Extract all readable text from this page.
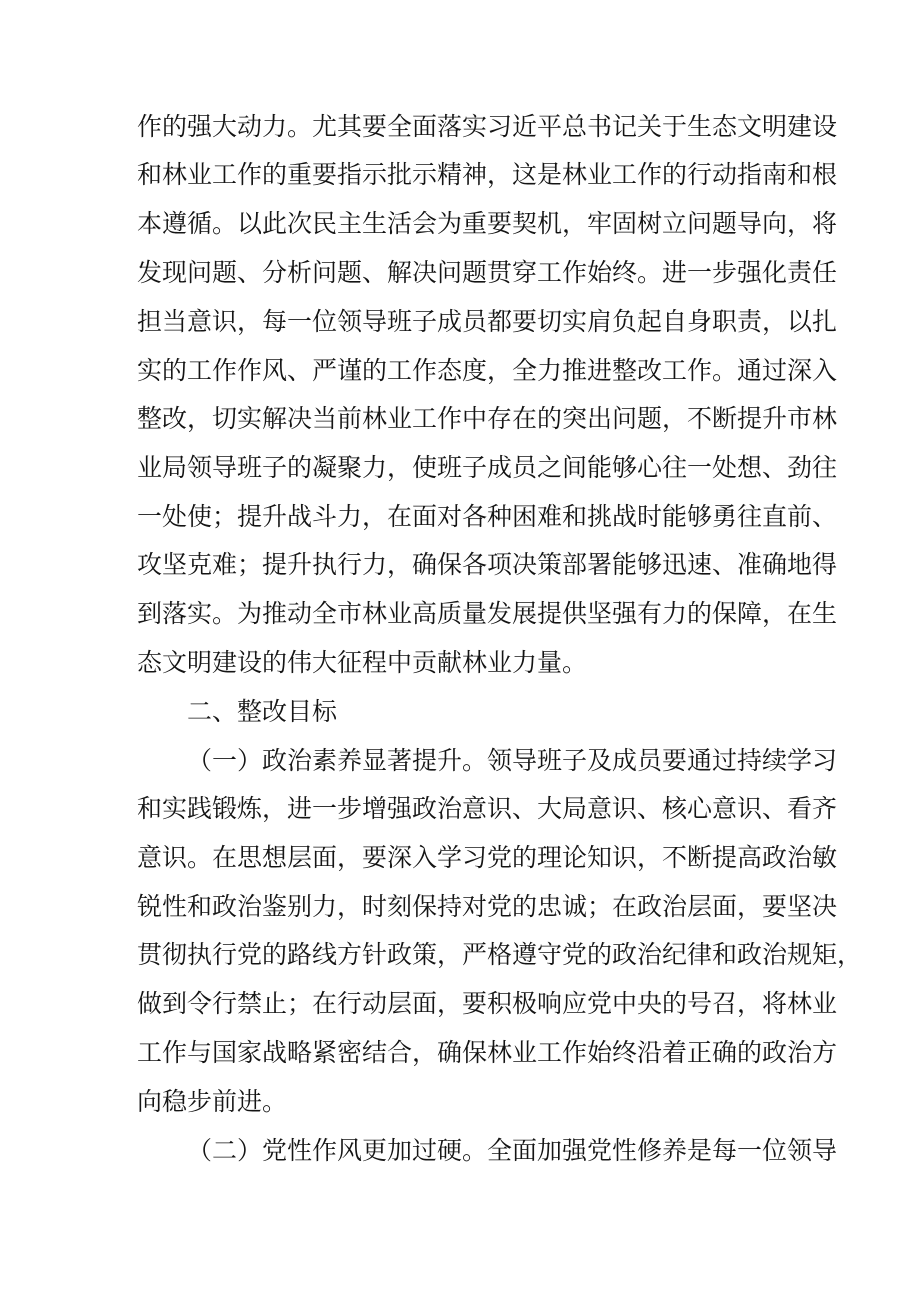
作的强大动力。尤其要全面落实习近平总书记关于生态文明建设
和林业工作的重要指示批示精神，这是林业工作的行动指南和根
本遵循。以此次民主生活会为重要契机，牢固树立问题导向，将
发现问题、分析问题、解决问题贯穿工作始终。进一步强化责任
担当意识，每一位领导班子成员都要切实肩负起自身职责，以扎
实的工作作风、严谨的工作态度，全力推进整改工作。通过深入
整改，切实解决当前林业工作中存在的突出问题，不断提升市林
业局领导班子的凝聚力，使班子成员之间能够心往一处想、劲往
一处使；提升战斗力，在面对各种困难和挑战时能够勇往直前、
攻坚克难；提升执行力，确保各项决策部署能够迅速、准确地得
到落实。为推动全市林业高质量发展提供坚强有力的保障，在生
态文明建设的伟大征程中贡献林业力量。
二、整改目标
（一）政治素养显著提升。领导班子及成员要通过持续学习
和实践锻炼，进一步增强政治意识、大局意识、核心意识、看齐
意识。在思想层面，要深入学习党的理论知识，不断提高政治敏
锐性和政治鉴别力，时刻保持对党的忠诚；在政治层面，要坚决
贯彻执行党的路线方针政策，严格遵守党的政治纪律和政治规矩，
做到令行禁止；在行动层面，要积极响应党中央的号召，将林业
工作与国家战略紧密结合，确保林业工作始终沿着正确的政治方
向稳步前进。
（二）党性作风更加过硬。全面加强党性修养是每一位领导
